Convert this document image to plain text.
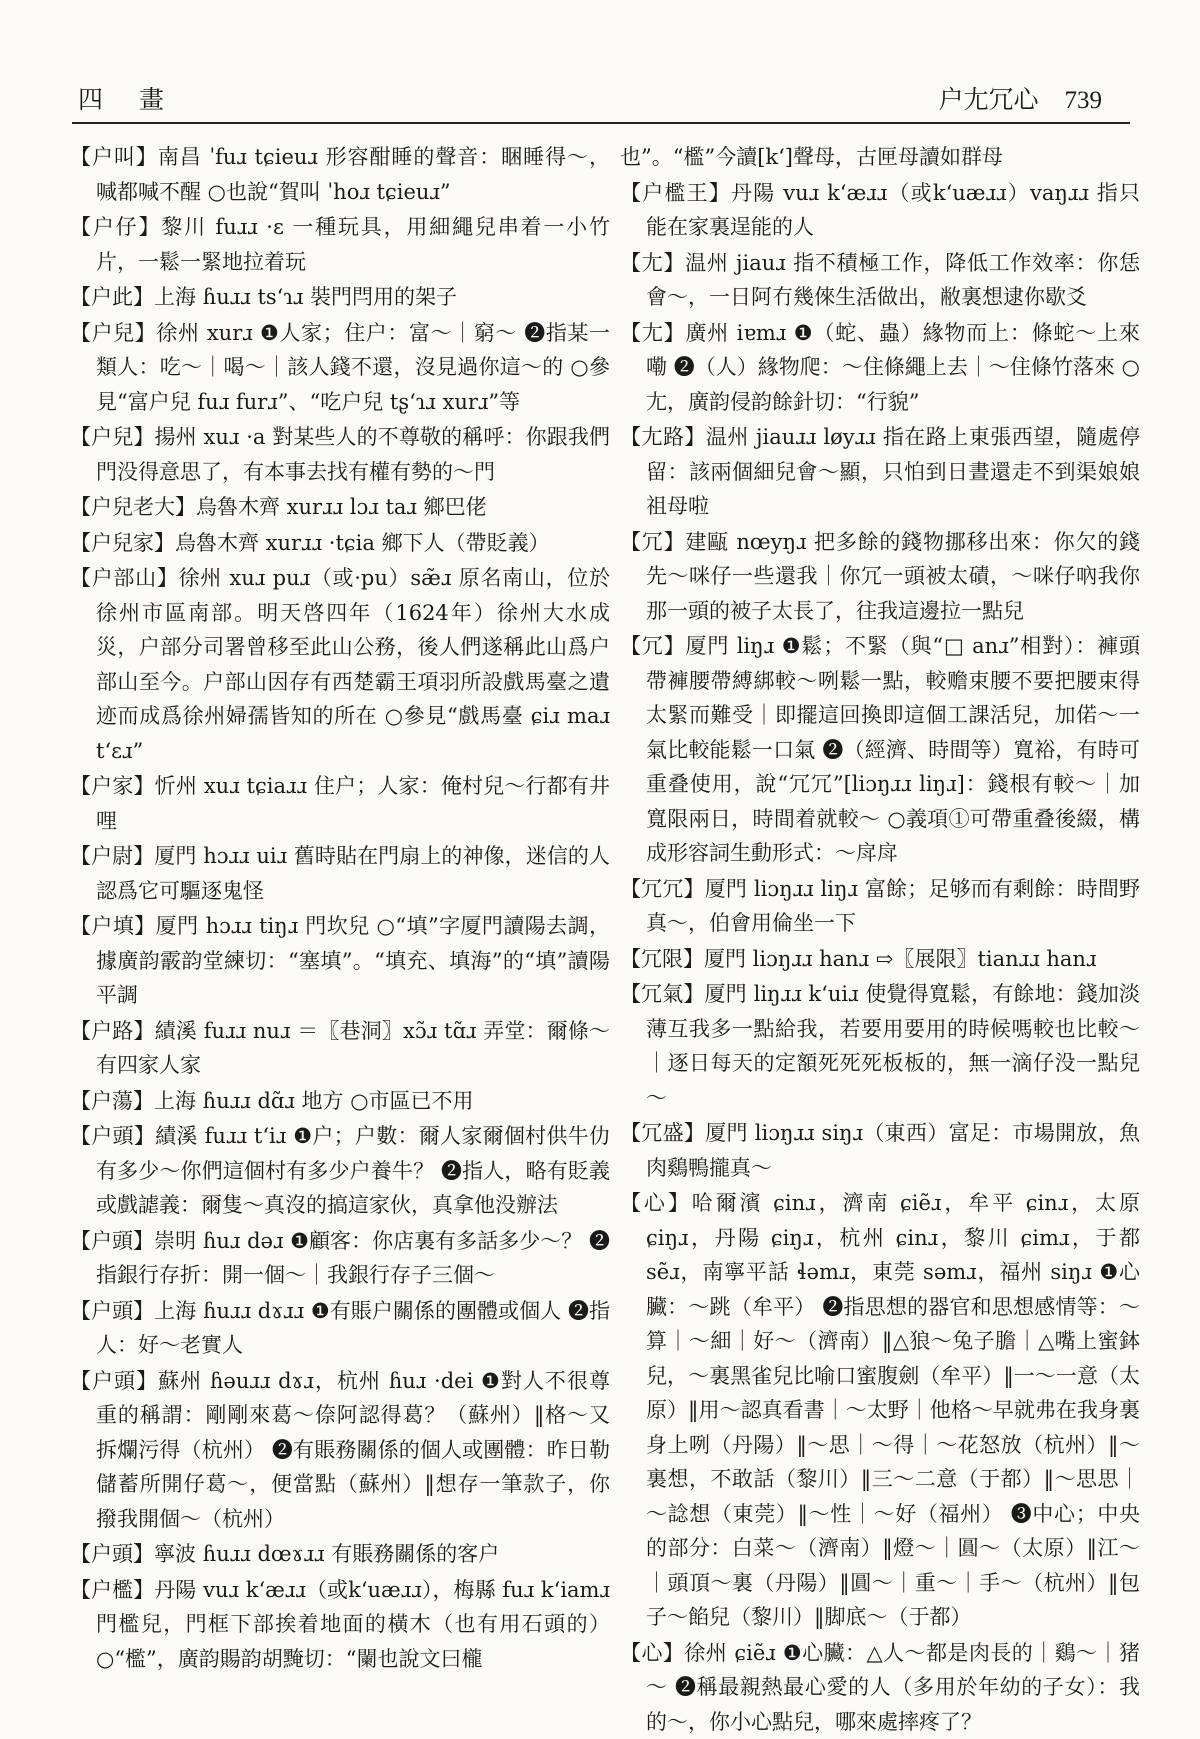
四 畫	户尢冗心 739

【户叫】南昌 ˈfuɹ tɕieuɹ 形容酣睡的聲音：睏睡得～，喊都喊不醒 ○也說“賀叫 ˈhoɹ tɕieuɹ”

【户仔】黎川 fuɹɹ ·ɛ 一種玩具，用細繩兒串着一小竹片，一鬆一緊地拉着玩

【户此】上海 ɦuɹɹ tsʻɿɹ 裝門閂用的架子

【户兒】徐州 xurɹ ❶人家；住户：富～｜窮～ ❷指某一類人：吃～｜喝～｜該人錢不還，沒見過你這～的 ○參見“富户兒 fuɹ furɹ”、“吃户兒 tʂʻɿɹ xurɹ”等

【户兒】揚州 xuɹ ·a 對某些人的不尊敬的稱呼：你跟我們門没得意思了，有本事去找有權有勢的～門

【户兒老大】烏魯木齊 xurɹɹ lɔɹ taɹ 鄉巴佬

【户兒家】烏魯木齊 xurɹɹ ·tɕia 鄉下人（帶貶義）

【户部山】徐州 xuɹ puɹ（或·pu）sæ̃ɹ 原名南山，位於徐州市區南部。明天啓四年（1624年）徐州大水成災，户部分司署曾移至此山公務，後人們遂稱此山爲户部山至今。户部山因存有西楚霸王項羽所設戲馬臺之遺迹而成爲徐州婦孺皆知的所在 ○參見“戲馬臺 ɕiɹ maɹ tʻɛɹ”

【户家】忻州 xuɹ tɕiaɹɹ 住户；人家：俺村兒～行都有井哩

【户尉】厦門 hɔɹɹ uiɹ 舊時貼在門扇上的神像，迷信的人認爲它可驅逐鬼怪

【户填】厦門 hɔɹɹ tiŋɹ 門坎兒 ○“填”字厦門讀陽去調，據廣韵霰韵堂練切：“塞填”。“填充、填海”的“填”讀陽平調

【户路】績溪 fuɹɹ nuɹ ＝〖巷洞〗xɔ̃ɹ tɑ̃ɹ 弄堂：爾條～有四家人家

【户蕩】上海 ɦuɹɹ dɑ̃ɹ 地方 ○市區已不用

【户頭】績溪 fuɹɹ tʻiɹ ❶户；户數：爾人家爾個村供牛仂有多少～你們這個村有多少户養牛？ ❷指人，略有貶義或戲謔義：爾隻～真沒的搞這家伙，真拿他没辦法

【户頭】崇明 ɦuɹ dəɹ ❶顧客：你店裏有多話多少～？ ❷指銀行存折：開一個～｜我銀行存子三個～

【户頭】上海 ɦuɹɹ dɤɹɹ ❶有賬户關係的團體或個人 ❷指人：好～老實人

【户頭】蘇州 ɦəuɹɹ dɤɹ，杭州 ɦuɹ ·dei ❶對人不很尊重的稱謂：剛剛來葛～倷阿認得葛？（蘇州）‖格～又拆爛污得（杭州） ❷有賬務關係的個人或團體：昨日勒儲蓄所開仔葛～，便當點（蘇州）‖想存一筆款子，你撥我開個～（杭州）

【户頭】寧波 ɦuɹɹ dœɤɹɹ 有賬務關係的客户

【户檻】丹陽 vuɹ kʻæɹɹ（或kʻuæɹɹ），梅縣 fuɹ kʻiamɹ 門檻兒，門框下部挨着地面的橫木（也有用石頭的） ○“檻”，廣韵𧶽韵胡黤切：“闌也說文曰櫳

也”。“檻”今讀[kʻ]聲母，古匣母讀如群母

【户檻王】丹陽 vuɹ kʻæɹɹ（或kʻuæɹɹ）vaŋɹɹ 指只能在家裏逞能的人

【尢】温州 jiauɹ 指不積極工作，降低工作效率：你恁會～，一日阿冇幾倈生活做出，敝裏想逮你歇爻

【尢】廣州 iɐmɹ ❶（蛇、蟲）緣物而上：條蛇～上來嘞 ❷（人）緣物爬：～住條繩上去｜～住條竹落來 ○尢，廣韵侵韵餘針切：“行貌”

【尢路】温州 jiauɹɹ løyɹɹ 指在路上東張西望，隨處停留：該兩個細兒會～顯，只怕到日晝還走不到渠娘娘祖母啦

【冗】建甌 nœyŋɹ 把多餘的錢物挪移出來：你欠的錢先～咪仔一些還我｜你冗一頭被太磧，～咪仔吶我你那一頭的被子太長了，往我這邊拉一點兒

【冗】厦門 liŋɹ ❶鬆；不緊（與“□ anɹ”相對）：褲頭帶褲腰帶縛綁較～咧鬆一點，較赡束腰不要把腰束得太緊而難受｜即擺這回換即這個工課活兒，加偌～一氣比較能鬆一口氣 ❷（經濟、時間等）寬裕，有時可重叠使用，說“冗冗”[liɔŋɹɹ liŋɹ]：錢根有較～｜加寬限兩日，時間着就較～ ○義項①可帶重叠後綴，構成形容詞生動形式：～戽戽

【冗冗】厦門 liɔŋɹɹ liŋɹ 富餘；足够而有剩餘：時間野真～，伯會用倫坐一下

【冗限】厦門 liɔŋɹɹ hanɹ ⇨〖展限〗tianɹɹ hanɹ

【冗氣】厦門 liŋɹɹ kʻuiɹ 使覺得寬鬆，有餘地：錢加淡薄互我多一點給我，若要用要用的時候嗎較也比較～｜逐日每天的定額死死死板板的，無一滴仔没一點兒～

【冗盛】厦門 liɔŋɹɹ siŋɹ（東西）富足：市場開放，魚肉鷄鴨攏真～

【心】哈爾濱 ɕinɹ，濟南 ɕiẽɹ，牟平 ɕinɹ，太原 ɕiŋɹ，丹陽 ɕiŋɹ，杭州 ɕinɹ，黎川 ɕimɹ，于都 sẽɹ，南寧平話 ɬəmɹ，東莞 səmɹ，福州 siŋɹ ❶心臟：～跳（牟平） ❷指思想的器官和思想感情等：～算｜～細｜好～（濟南）‖△狼～兔子膽｜△嘴上蜜鉢兒，～裏黑雀兒比喻口蜜腹劍（牟平）‖一～一意（太原）‖用～認真看書｜～太野｜他格～早就弗在我身裏身上咧（丹陽）‖～思｜～得｜～花怒放（杭州）‖～裏想，不敢話（黎川）‖三～二意（于都）‖～思思｜～諗想（東莞）‖～性｜～好（福州） ❸中心；中央的部分：白菜～（濟南）‖燈～｜圓～（太原）‖江～｜頭頂～裏（丹陽）‖圓～｜重～｜手～（杭州）‖包子～餡兒（黎川）‖脚底～（于都）

【心】徐州 ɕiẽɹ ❶心臟：△人～都是肉長的｜鷄～｜猪～ ❷稱最親熱最心愛的人（多用於年幼的子女）：我的～，你小心點兒，哪來處摔疼了？
